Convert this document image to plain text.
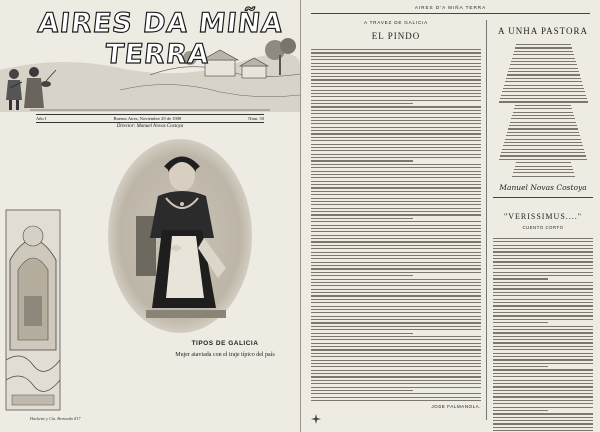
AIRES DA MIÑA TERRA
Año I	Buenos Aires, Noviembre 29 de 1908	Núm. 50
Director: Manuel Novas Costoya
TIPOS DE GALICIA
Mujer ataviada con el traje típico del país
Hachette y Cía. Bernardo 817
AIRES D'A MIÑA TERRA
A TRAVEZ DE GALICIA
EL PINDO
JOSE FALMANOLA.
A UNHA PASTORA
Manuel Novas Costoya
"VERISSIMUS...."
CUENTO CORTO
